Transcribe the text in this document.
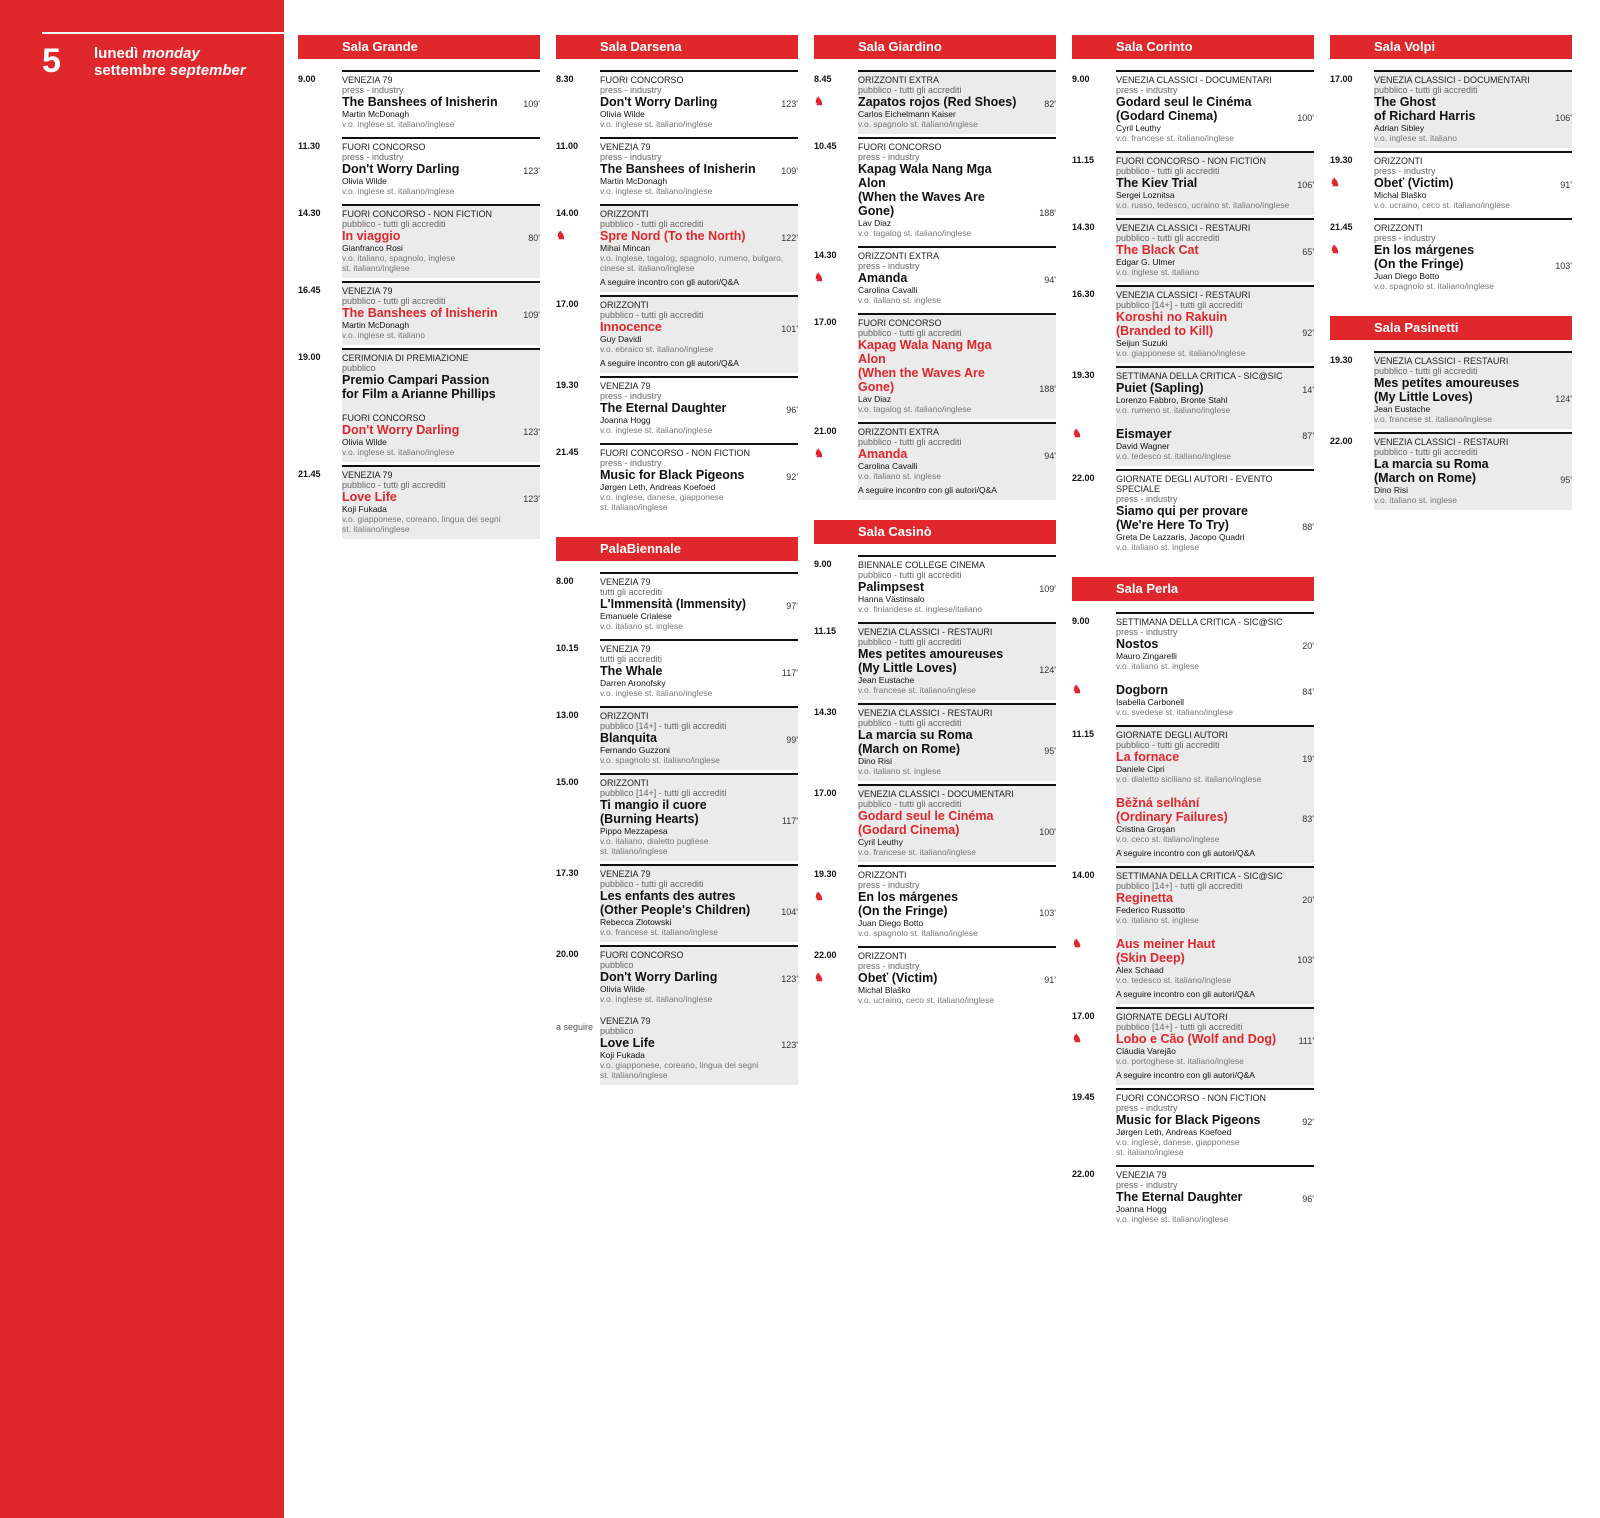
5 lunedì monday
settembre september
Sala Grande
9.00	VENEZIA 79
press - industry
The Banshees of Inisherin	109'
Martin McDonagh
v.o. inglese st. italiano/inglese
11.30	FUORI CONCORSO
press - industry
Don't Worry Darling	123'
Olivia Wilde
v.o. inglese st. italiano/inglese
14.30	FUORI CONCORSO - NON FICTION
pubblico - tutti gli accrediti
In viaggio	80'
Gianfranco Rosi
v.o. italiano, spagnolo, inglese
st. italiano/inglese
16.45	VENEZIA 79
pubblico - tutti gli accrediti
The Banshees of Inisherin	109'
Martin McDonagh
v.o. inglese st. italiano
19.00	CERIMONIA DI PREMIAZIONE
pubblico
Premio Campari Passion
for Film a Arianne Phillips
FUORI CONCORSO
Don't Worry Darling	123'
Olivia Wilde
v.o. inglese st. italiano/inglese
21.45	VENEZIA 79
pubblico - tutti gli accrediti
Love Life	123'
Koji Fukada
v.o. giapponese, coreano, lingua dei segni
st. italiano/inglese
Sala Darsena
8.30	FUORI CONCORSO
press - industry
Don't Worry Darling	123'
Olivia Wilde
v.o. inglese st. italiano/inglese
11.00	VENEZIA 79
press - industry
The Banshees of Inisherin	109'
Martin McDonagh
v.o. inglese st. italiano/inglese
14.00	ORIZZONTI
pubblico - tutti gli accrediti
♞	Spre Nord (To the North)	122'
Mihai Mincan
v.o. inglese, tagalog, spagnolo, rumeno, bulgaro,
cinese st. italiano/inglese
A seguire incontro con gli autori/Q&A
17.00	ORIZZONTI
pubblico - tutti gli accrediti
Innocence	101'
Guy Davidi
v.o. ebraico st. italiano/inglese
A seguire incontro con gli autori/Q&A
19.30	VENEZIA 79
press - industry
The Eternal Daughter	96'
Joanna Hogg
v.o. inglese st. italiano/inglese
21.45	FUORI CONCORSO - NON FICTION
press - industry
Music for Black Pigeons	92'
Jørgen Leth, Andreas Koefoed
v.o. inglese, danese, giapponese
st. italiano/inglese
PalaBiennale
8.00	VENEZIA 79
tutti gli accrediti
L'Immensità (Immensity)	97'
Emanuele Crialese
v.o. italiano st. inglese
10.15	VENEZIA 79
tutti gli accrediti
The Whale	117'
Darren Aronofsky
v.o. inglese st. italiano/inglese
13.00	ORIZZONTI
pubblico [14+] - tutti gli accrediti
Blanquita	99'
Fernando Guzzoni
v.o. spagnolo st. italiano/inglese
15.00	ORIZZONTI
pubblico [14+] - tutti gli accrediti
Ti mangio il cuore
(Burning Hearts)	117'
Pippo Mezzapesa
v.o. italiano, dialetto pugliese
st. italiano/inglese
17.30	VENEZIA 79
pubblico - tutti gli accrediti
Les enfants des autres
(Other People's Children)	104'
Rebecca Zlotowski
v.o. francese st. italiano/inglese
20.00
a seguire
FUORI CONCORSO
pubblico
Don't Worry Darling	123'
Olivia Wilde
v.o. inglese st. italiano/inglese
VENEZIA 79
pubblico
Love Life	123'
Koji Fukada
v.o. giapponese, coreano, lingua dei segni
st. italiano/inglese
Sala Giardino
8.45	ORIZZONTI EXTRA
pubblico - tutti gli accrediti
♞	Zapatos rojos (Red Shoes)	82'
Carlos Eichelmann Kaiser
v.o. spagnolo st. italiano/inglese
10.45	FUORI CONCORSO
press - industry
Kapag Wala Nang Mga Alon
(When the Waves Are Gone)	188'
Lav Diaz
v.o. tagalog st. italiano/inglese
14.30	ORIZZONTI EXTRA
press - industry
♞	Amanda	94'
Carolina Cavalli
v.o. italiano st. inglese
17.00	FUORI CONCORSO
pubblico - tutti gli accrediti
Kapag Wala Nang Mga Alon
(When the Waves Are Gone)	188'
Lav Diaz
v.o. tagalog st. italiano/inglese
21.00	ORIZZONTI EXTRA
pubblico - tutti gli accrediti
♞	Amanda	94'
Carolina Cavalli
v.o. italiano st. inglese
A seguire incontro con gli autori/Q&A
Sala Casinò
9.00	BIENNALE COLLEGE CINEMA
pubblico - tutti gli accrediti
Palimpsest	109'
Hanna Västinsalo
v.o. finlandese st. inglese/italiano
11.15	VENEZIA CLASSICI - RESTAURI
pubblico - tutti gli accrediti
Mes petites amoureuses
(My Little Loves)	124'
Jean Eustache
v.o. francese st. italiano/inglese
14.30	VENEZIA CLASSICI - RESTAURI
pubblico - tutti gli accrediti
La marcia su Roma
(March on Rome)	95'
Dino Risi
v.o. italiano st. inglese
17.00	VENEZIA CLASSICI - DOCUMENTARI
pubblico - tutti gli accrediti
Godard seul le Cinéma
(Godard Cinema)	100'
Cyril Leuthy
v.o. francese st. italiano/inglese
19.30	ORIZZONTI
press - industry
♞	En los márgenes
(On the Fringe)	103'
Juan Diego Botto
v.o. spagnolo st. italiano/inglese
22.00	ORIZZONTI
press - industry
♞	Obeť (Victim)	91'
Michal Blaško
v.o. ucraino, ceco st. italiano/inglese
Sala Corinto
9.00	VENEZIA CLASSICI - DOCUMENTARI
press - industry
Godard seul le Cinéma
(Godard Cinema)	100'
Cyril Leuthy
v.o. francese st. italiano/inglese
11.15	FUORI CONCORSO - NON FICTION
pubblico - tutti gli accrediti
The Kiev Trial	106'
Sergei Loznitsa
v.o. russo, tedesco, ucraino st. italiano/inglese
14.30	VENEZIA CLASSICI - RESTAURI
pubblico - tutti gli accrediti
The Black Cat	65'
Edgar G. Ulmer
v.o. inglese st. italiano
16.30	VENEZIA CLASSICI - RESTAURI
pubblico [14+] - tutti gli accrediti
Koroshi no Rakuin
(Branded to Kill)	92'
Seijun Suzuki
v.o. giapponese st. italiano/inglese
19.30	SETTIMANA DELLA CRITICA - SIC@SIC
Puiet (Sapling)	14'
Lorenzo Fabbro, Bronte Stahl
v.o. rumeno st. italiano/inglese
♞	Eismayer	87'
David Wagner
v.o. tedesco st. italiano/inglese
22.00	GIORNATE DEGLI AUTORI - EVENTO SPECIALE
press - industry
Siamo qui per provare
(We're Here To Try)	88'
Greta De Lazzaris, Jacopo Quadri
v.o. italiano st. inglese
Sala Perla
9.00	SETTIMANA DELLA CRITICA - SIC@SIC
press - industry
Nostos	20'
Mauro Zingarelli
v.o. italiano st. inglese
♞	Dogborn	84'
Isabella Carbonell
v.o. svedese st. italiano/inglese
11.15	GIORNATE DEGLI AUTORI
pubblico - tutti gli accrediti
La fornace	19'
Daniele Cipri
v.o. dialetto siciliano st. italiano/inglese
Běžná selhání
(Ordinary Failures)	83'
Cristina Groşan
v.o. ceco st. italiano/inglese
A seguire incontro con gli autori/Q&A
14.00	SETTIMANA DELLA CRITICA - SIC@SIC
pubblico [14+] - tutti gli accrediti
Reginetta	20'
Federico Russotto
v.o. italiano st. inglese
♞	Aus meiner Haut
(Skin Deep)	103'
Alex Schaad
v.o. tedesco st. italiano/inglese
A seguire incontro con gli autori/Q&A
17.00	GIORNATE DEGLI AUTORI
pubblico [14+] - tutti gli accrediti
♞	Lobo e Cão (Wolf and Dog)	111'
Cláudia Varejão
v.o. portoghese st. italiano/inglese
A seguire incontro con gli autori/Q&A
19.45	FUORI CONCORSO - NON FICTION
press - industry
Music for Black Pigeons	92'
Jørgen Leth, Andreas Koefoed
v.o. inglese, danese, giapponese
st. italiano/inglese
22.00	VENEZIA 79
press - industry
The Eternal Daughter	96'
Joanna Hogg
v.o. inglese st. italiano/inglese
Sala Volpi
17.00	VENEZIA CLASSICI - DOCUMENTARI
pubblico - tutti gli accrediti
The Ghost
of Richard Harris	106'
Adrian Sibley
v.o. inglese st. italiano
19.30	ORIZZONTI
press - industry
♞	Obeť (Victim)	91'
Michal Blaško
v.o. ucraino, ceco st. italiano/inglese
21.45	ORIZZONTI
press - industry
♞	En los márgenes
(On the Fringe)	103'
Juan Diego Botto
v.o. spagnolo st. italiano/inglese
Sala Pasinetti
19.30	VENEZIA CLASSICI - RESTAURI
pubblico - tutti gli accrediti
Mes petites amoureuses
(My Little Loves)	124'
Jean Eustache
v.o. francese st. italiano/inglese
22.00	VENEZIA CLASSICI - RESTAURI
pubblico - tutti gli accrediti
La marcia su Roma
(March on Rome)	95'
Dino Risi
v.o. italiano st. inglese
